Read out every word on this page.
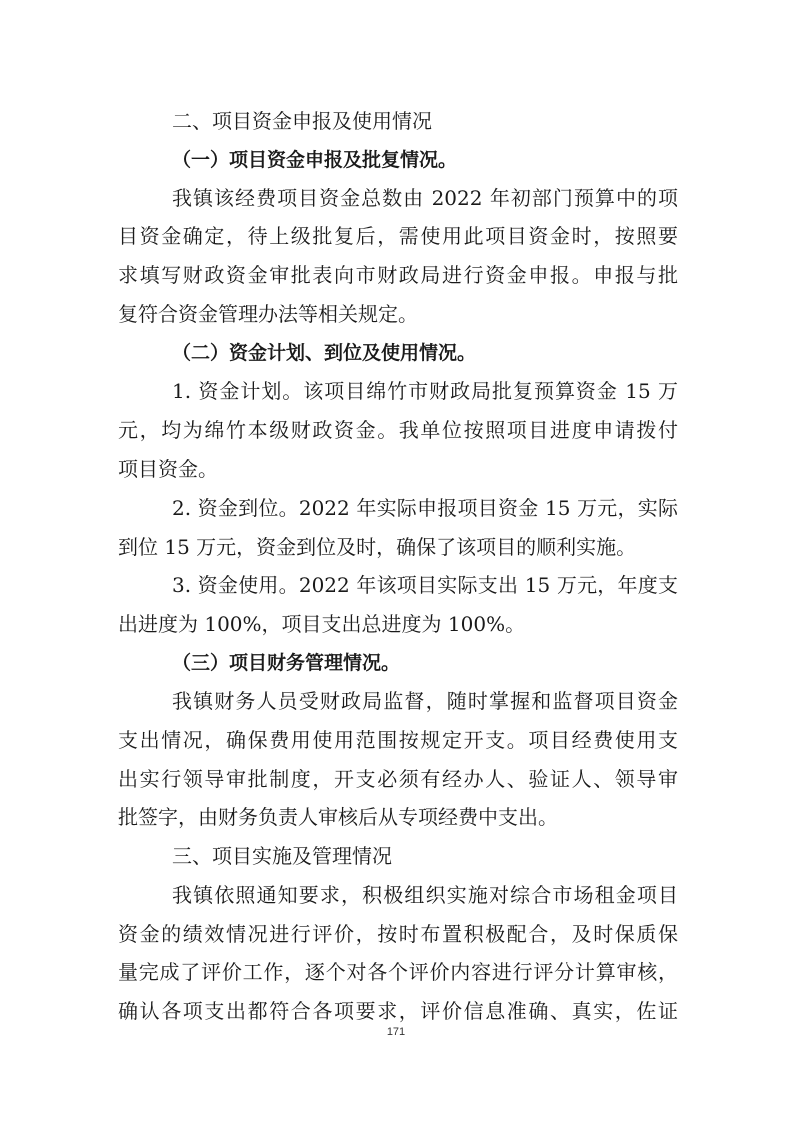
二、项目资金申报及使用情况
（一）项目资金申报及批复情况。
我镇该经费项目资金总数由 2022 年初部门预算中的项
目资金确定，待上级批复后，需使用此项目资金时，按照要
求填写财政资金审批表向市财政局进行资金申报。申报与批
复符合资金管理办法等相关规定。
（二）资金计划、到位及使用情况。
1. 资金计划。该项目绵竹市财政局批复预算资金 15 万
元，均为绵竹本级财政资金。我单位按照项目进度申请拨付
项目资金。
2. 资金到位。2022 年实际申报项目资金 15 万元，实际
到位 15 万元，资金到位及时，确保了该项目的顺利实施。
3. 资金使用。2022 年该项目实际支出 15 万元，年度支
出进度为 100%，项目支出总进度为 100%。
（三）项目财务管理情况。
我镇财务人员受财政局监督，随时掌握和监督项目资金
支出情况，确保费用使用范围按规定开支。项目经费使用支
出实行领导审批制度，开支必须有经办人、验证人、领导审
批签字，由财务负责人审核后从专项经费中支出。
三、项目实施及管理情况
我镇依照通知要求，积极组织实施对综合市场租金项目
资金的绩效情况进行评价，按时布置积极配合，及时保质保
量完成了评价工作，逐个对各个评价内容进行评分计算审核，
确认各项支出都符合各项要求，评价信息准确、真实，佐证
171
